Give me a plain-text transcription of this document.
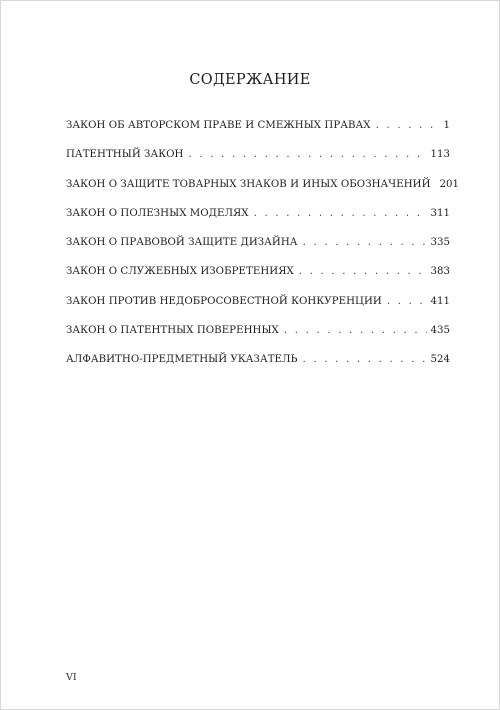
СОДЕРЖАНИЕ
ЗАКОН ОБ АВТОРСКОМ ПРАВЕ И СМЕЖНЫХ ПРАВАХ . . .	1
ПАТЕНТНЫЙ ЗАКОН . . .	113
ЗАКОН О ЗАЩИТЕ ТОВАРНЫХ ЗНАКОВ И ИНЫХ ОБОЗНАЧЕНИЙ 201
ЗАКОН О ПОЛЕЗНЫХ МОДЕЛЯХ . . .	311
ЗАКОН О ПРАВОВОЙ ЗАЩИТЕ ДИЗАЙНА . . .	335
ЗАКОН О СЛУЖЕБНЫХ ИЗОБРЕТЕНИЯХ . . .	383
ЗАКОН ПРОТИВ НЕДОБРОСОВЕСТНОЙ КОНКУРЕНЦИИ . . .	411
ЗАКОН О ПАТЕНТНЫХ ПОВЕРЕННЫХ . . .	435
АЛФАВИТНО-ПРЕДМЕТНЫЙ УКАЗАТЕЛЬ . . .	524
VI
